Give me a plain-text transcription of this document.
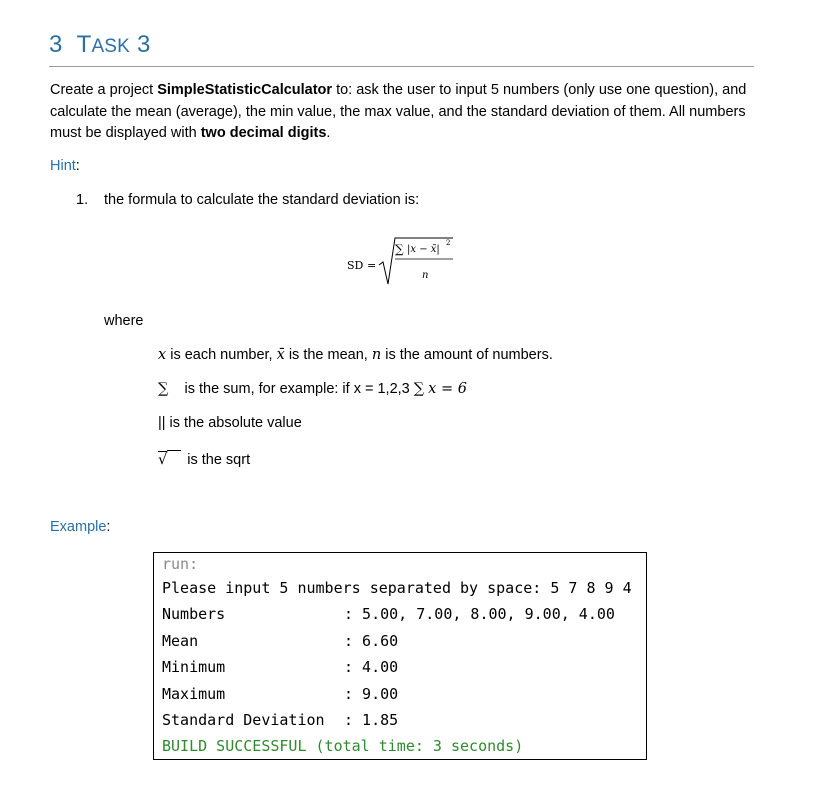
3 TASK 3
Create a project SimpleStatisticCalculator to: ask the user to input 5 numbers (only use one question), and calculate the mean (average), the min value, the max value, and the standard deviation of them. All numbers must be displayed with two decimal digits.
Hint:
1. the formula to calculate the standard deviation is:
SD =
∑ |x − x̄|
2
n
where
x is each number, x̄ is the mean, n is the amount of numbers.
∑ is the sum, for example: if x = 1,2,3 ∑ x = 6
|| is the absolute value
√ is the sqrt
Example:
run:
Please input 5 numbers separated by space: 5 7 8 9 4
Numbers	: 5.00, 7.00, 8.00, 9.00, 4.00
Mean	: 6.60
Minimum	: 4.00
Maximum	: 9.00
Standard Deviation : 1.85
BUILD SUCCESSFUL (total time: 3 seconds)
